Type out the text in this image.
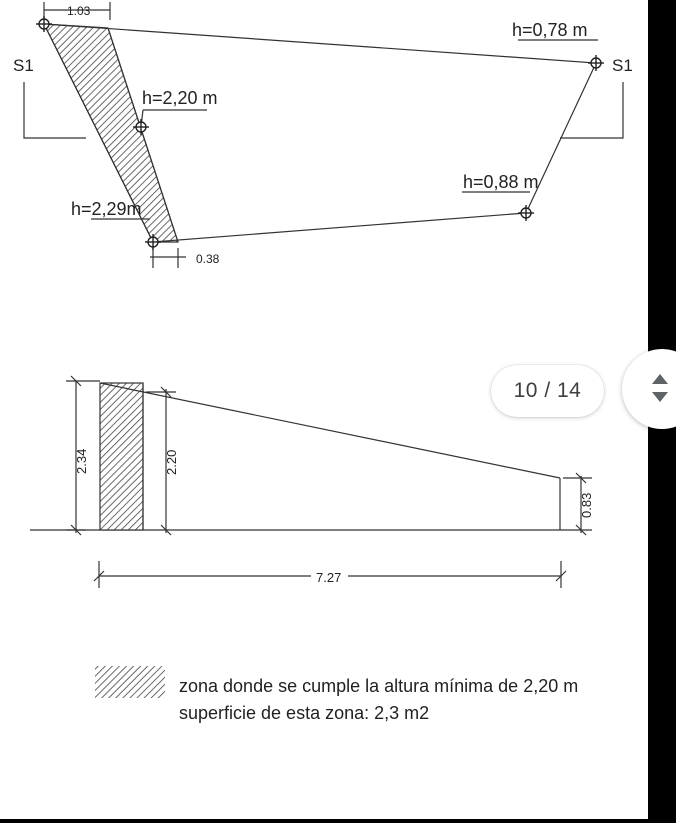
1.03
0.38
S1	S1
h=0,78 m
h=2,20 m
h=0,88 m
h=2,29m
2.34	2.20
0.83
7.27
zona donde se cumple la altura mínima de 2,20 m
superficie de esta zona: 2,3 m2
10 / 14
